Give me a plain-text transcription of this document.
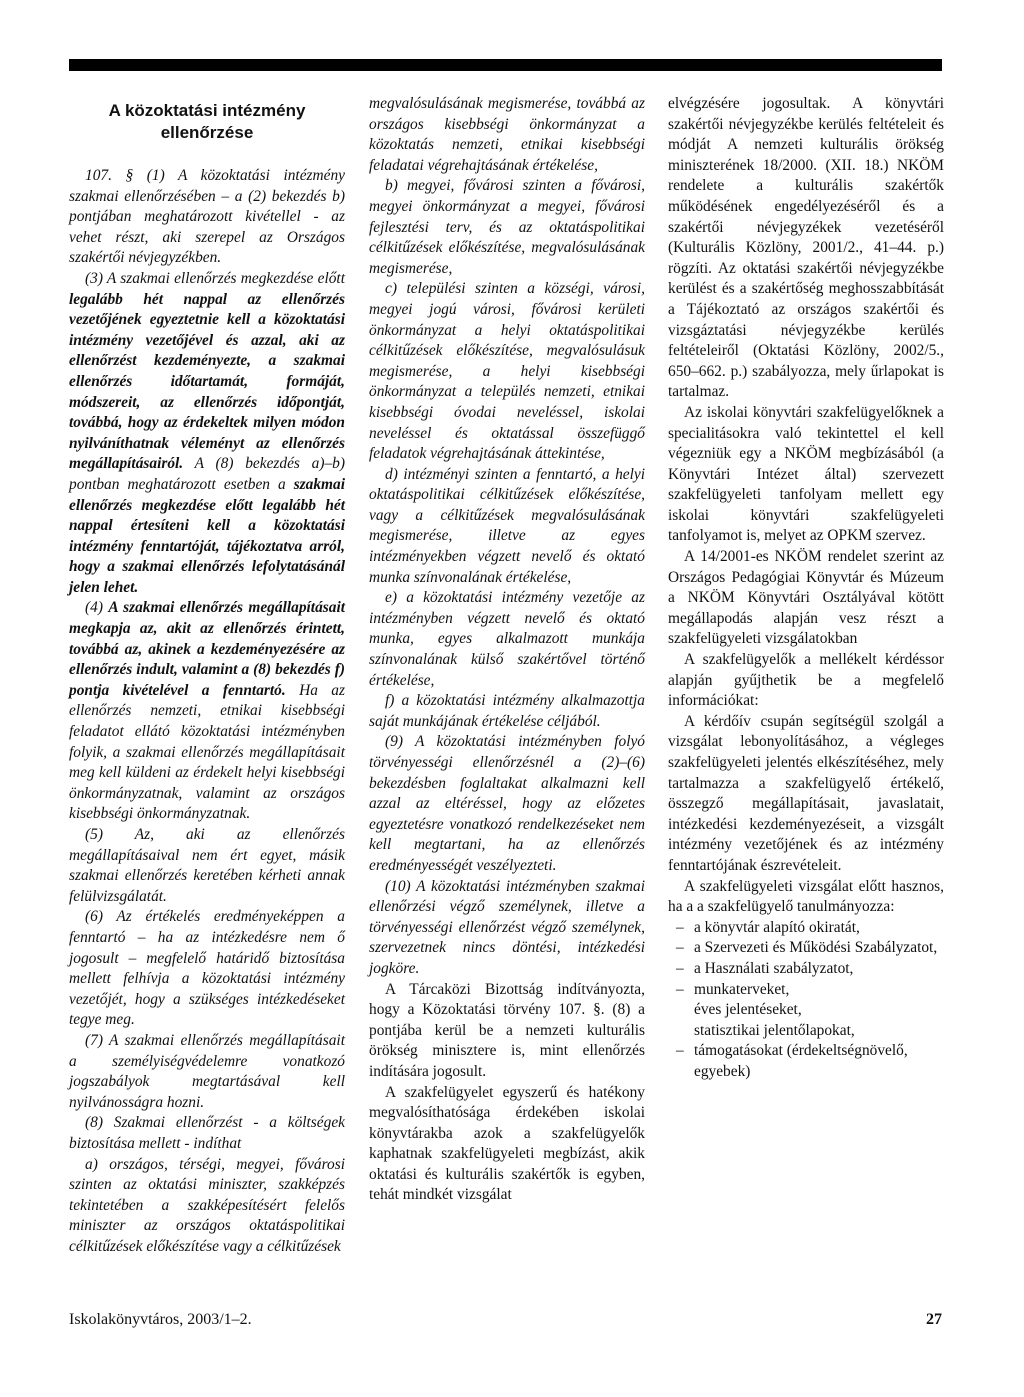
A közoktatási intézmény ellenőrzése

107. § (1) A közoktatási intézmény szakmai ellenőrzésében – a (2) bekezdés b) pontjában meghatározott kivétellel - az vehet részt, aki szerepel az Országos szakértői névjegyzékben.

(3) A szakmai ellenőrzés megkezdése előtt legalább hét nappal az ellenőrzés vezetőjének egyeztetnie kell a közoktatási intézmény vezetőjével és azzal, aki az ellenőrzést kezdeményezte, a szakmai ellenőrzés időtartamát, formáját, módszereit, az ellenőrzés időpontját, továbbá, hogy az érdekeltek milyen módon nyilváníthatnak véleményt az ellenőrzés megállapításairól. A (8) bekezdés a)–b) pontban meghatározott esetben a szakmai ellenőrzés megkezdése előtt legalább hét nappal értesíteni kell a közoktatási intézmény fenntartóját, tájékoztatva arról, hogy a szakmai ellenőrzés lefolytatásánál jelen lehet.

(4) A szakmai ellenőrzés megállapításait megkapja az, akit az ellenőrzés érintett, továbbá az, akinek a kezdeményezésére az ellenőrzés indult, valamint a (8) bekezdés f) pontja kivételével a fenntartó. Ha az ellenőrzés nemzeti, etnikai kisebbségi feladatot ellátó közoktatási intézményben folyik, a szakmai ellenőrzés megállapításait meg kell küldeni az érdekelt helyi kisebbségi önkormányzatnak, valamint az országos kisebbségi önkormányzatnak.

(5) Az, aki az ellenőrzés megállapításaival nem ért egyet, másik szakmai ellenőrzés keretében kérheti annak felülvizsgálatát.

(6) Az értékelés eredményeképpen a fenntartó – ha az intézkedésre nem ő jogosult – megfelelő határidő biztosítása mellett felhívja a közoktatási intézmény vezetőjét, hogy a szükséges intézkedéseket tegye meg.

(7) A szakmai ellenőrzés megállapításait a személyiségvédelemre vonatkozó jogszabályok megtartásával kell nyilvánosságra hozni.

(8) Szakmai ellenőrzést - a költségek biztosítása mellett - indíthat

a) országos, térségi, megyei, fővárosi szinten az oktatási miniszter, szakképzés tekintetében a szakképesítésért felelős miniszter az országos oktatáspolitikai célkitűzések előkészítése vagy a célkitűzések

megvalósulásának megismerése, továbbá az országos kisebbségi önkormányzat a közoktatás nemzeti, etnikai kisebbségi feladatai végrehajtásának értékelése,

b) megyei, fővárosi szinten a fővárosi, megyei önkormányzat a megyei, fővárosi fejlesztési terv, és az oktatáspolitikai célkitűzések előkészítése, megvalósulásának megismerése,

c) települési szinten a községi, városi, megyei jogú városi, fővárosi kerületi önkormányzat a helyi oktatáspolitikai célkitűzések előkészítése, megvalósulásuk megismerése, a helyi kisebbségi önkormányzat a település nemzeti, etnikai kisebbségi óvodai neveléssel, iskolai neveléssel és oktatással összefüggő feladatok végrehajtásának áttekintése,

d) intézményi szinten a fenntartó, a helyi oktatáspolitikai célkitűzések előkészítése, vagy a célkitűzések megvalósulásának megismerése, illetve az egyes intézményekben végzett nevelő és oktató munka színvonalának értékelése,

e) a közoktatási intézmény vezetője az intézményben végzett nevelő és oktató munka, egyes alkalmazott munkája színvonalának külső szakértővel történő értékelése,

f) a közoktatási intézmény alkalmazottja saját munkájának értékelése céljából.

(9) A közoktatási intézményben folyó törvényességi ellenőrzésnél a (2)–(6) bekezdésben foglaltakat alkalmazni kell azzal az eltéréssel, hogy az előzetes egyeztetésre vonatkozó rendelkezéseket nem kell megtartani, ha az ellenőrzés eredményességét veszélyezteti.

(10) A közoktatási intézményben szakmai ellenőrzési végző személynek, illetve a törvényességi ellenőrzést végző személynek, szervezetnek nincs döntési, intézkedési jogköre.

A Tárcaközi Bizottság indítványozta, hogy a Közoktatási törvény 107. §. (8) a pontjába kerül be a nemzeti kulturális örökség minisztere is, mint ellenőrzés indítására jogosult.

A szakfelügyelet egyszerű és hatékony megvalósíthatósága érdekében iskolai könyvtárakba azok a szakfelügyelők kaphatnak szakfelügyeleti megbízást, akik oktatási és kulturális szakértők is egyben, tehát mindkét vizsgálat

elvégzésére jogosultak. A könyvtári szakértői névjegyzékbe kerülés feltételeit és módját A nemzeti kulturális örökség miniszterének 18/2000. (XII. 18.) NKÖM rendelete a kulturális szakértők működésének engedélyezéséről és a szakértői névjegyzékek vezetéséről (Kulturális Közlöny, 2001/2., 41–44. p.) rögzíti. Az oktatási szakértői névjegyzékbe kerülést és a szakértőség meghosszabbítását a Tájékoztató az országos szakértői és vizsgáztatási névjegyzékbe kerülés feltételeiről (Oktatási Közlöny, 2002/5., 650–662. p.) szabályozza, mely űrlapokat is tartalmaz.

Az iskolai könyvtári szakfelügyelőknek a specialitásokra való tekintettel el kell végezniük egy a NKÖM megbízásából (a Könyvtári Intézet által) szervezett szakfelügyeleti tanfolyam mellett egy iskolai könyvtári szakfelügyeleti tanfolyamot is, melyet az OPKM szervez.

A 14/2001-es NKÖM rendelet szerint az Országos Pedagógiai Könyvtár és Múzeum a NKÖM Könyvtári Osztályával kötött megállapodás alapján vesz részt a szakfelügyeleti vizsgálatokban

A szakfelügyelők a mellékelt kérdéssor alapján gyűjthetik be a megfelelő információkat:

A kérdőív csupán segítségül szolgál a vizsgálat lebonyolításához, a végleges szakfelügyeleti jelentés elkészítéséhez, mely tartalmazza a szakfelügyelő értékelő, összegző megállapításait, javaslatait, intézkedési kezdeményezéseit, a vizsgált intézmény vezetőjének és az intézmény fenntartójának észrevételeit.

A szakfelügyeleti vizsgálat előtt hasznos, ha a a szakfelügyelő tanulmányozza:

– a könyvtár alapító okiratát,
– a Szervezeti és Működési Szabályzatot,
– a Használati szabályzatot,
– munkaterveket,
éves jelentéseket,
statisztikai jelentőlapokat,
– támogatásokat (érdekeltségnövelő, egyebek)
Iskolakönyvtáros, 2003/1–2.	27
